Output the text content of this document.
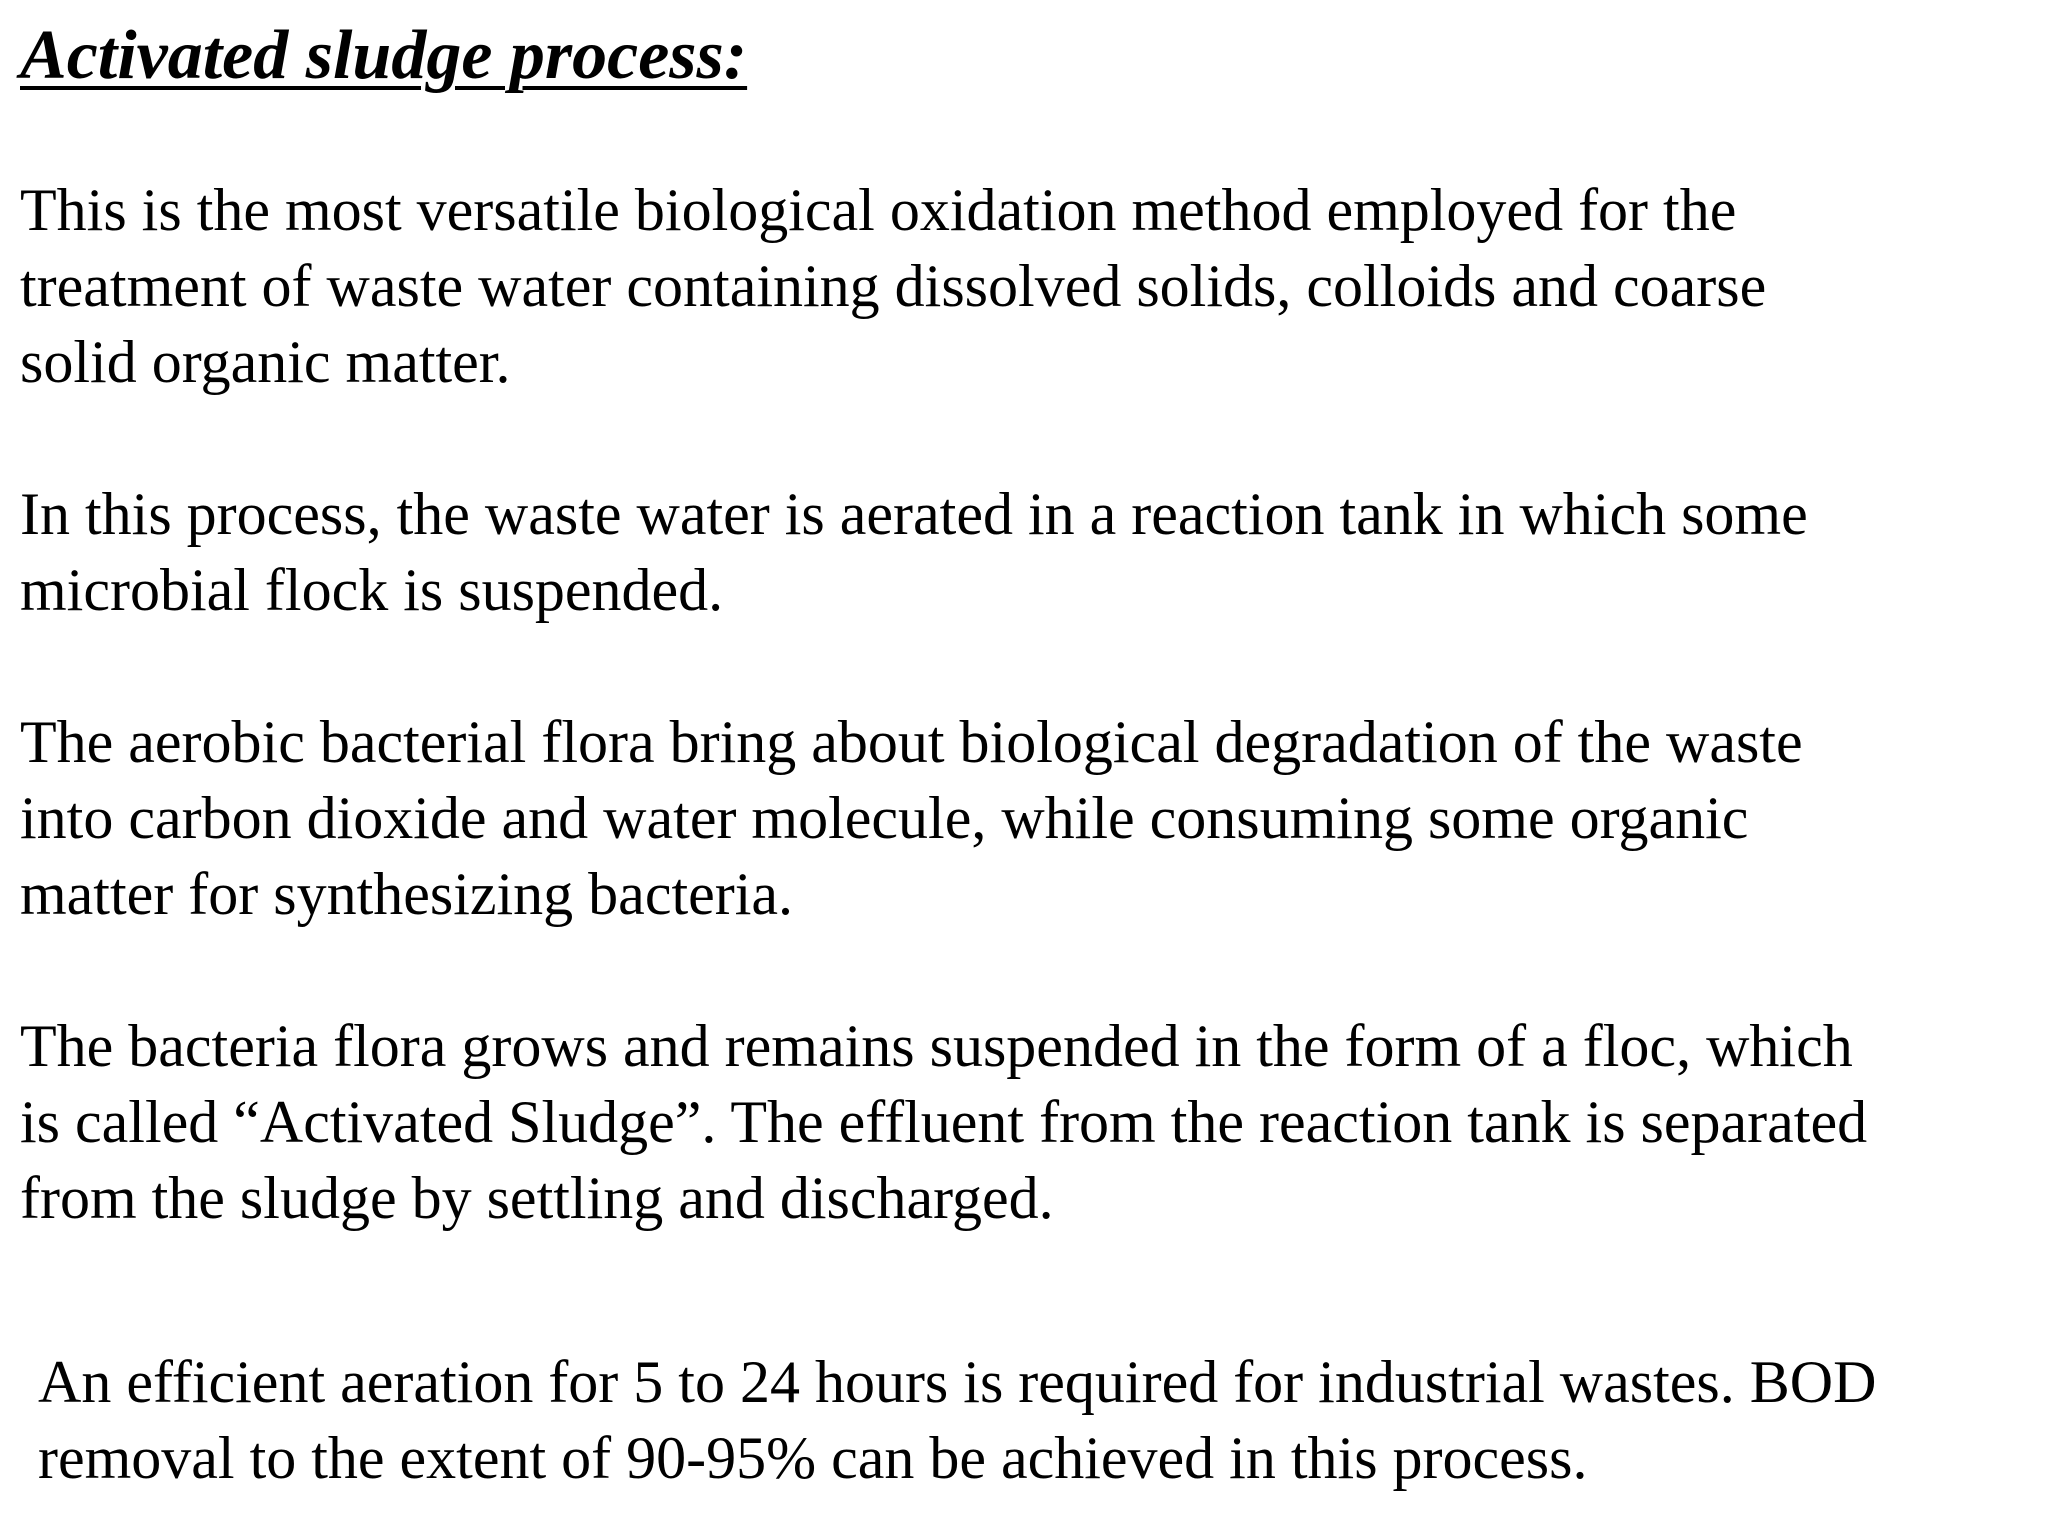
Activated sludge process:

This is the most versatile biological oxidation method employed for the
treatment of waste water containing dissolved solids, colloids and coarse
solid organic matter.

In this process, the waste water is aerated in a reaction tank in which some
microbial flock is suspended.

The aerobic bacterial flora bring about biological degradation of the waste
into carbon dioxide and water molecule, while consuming some organic
matter for synthesizing bacteria.

The bacteria flora grows and remains suspended in the form of a floc, which
is called “Activated Sludge”. The effluent from the reaction tank is separated
from the sludge by settling and discharged.

An efficient aeration for 5 to 24 hours is required for industrial wastes. BOD
removal to the extent of 90-95% can be achieved in this process.
